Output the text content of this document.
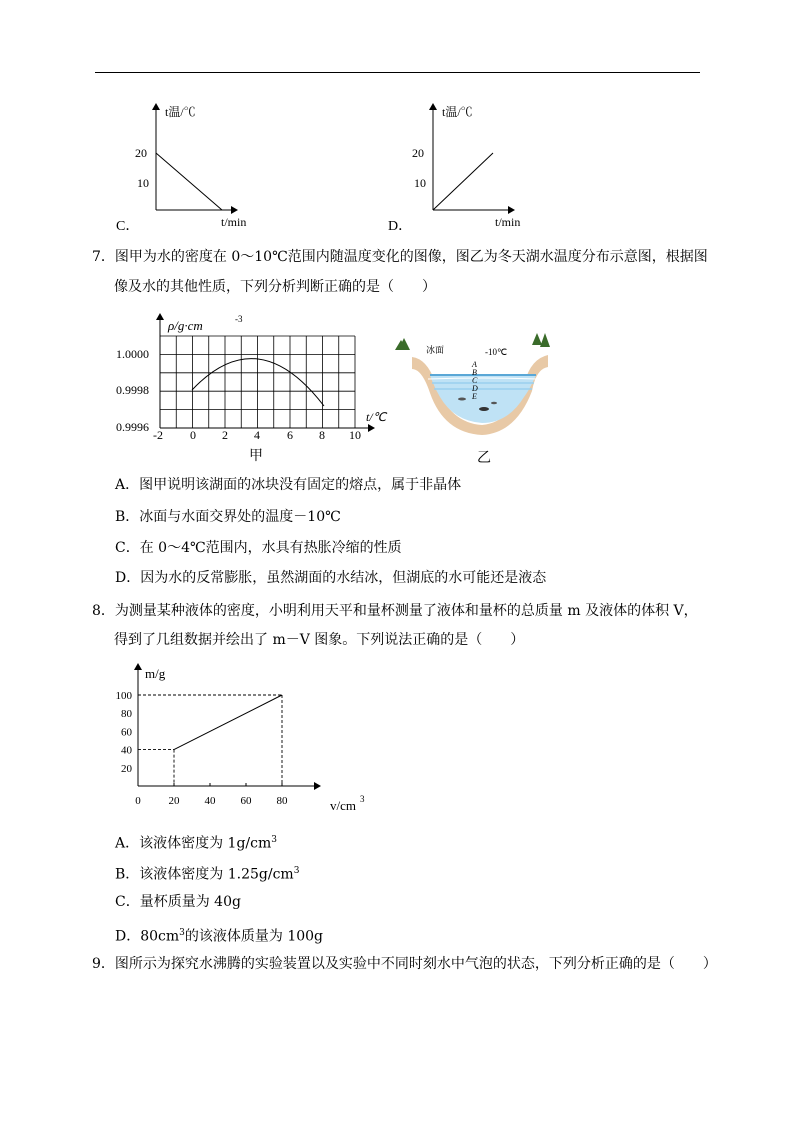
C．
t温/℃
20
10
t/min	D．
t温/℃
20
10
t/min
7．图甲为水的密度在 0～10℃范围内随温度变化的图像，图乙为冬天湖水温度分布示意图，根据图
像及水的其他性质，下列分析判断正确的是（　　）
ρ/g·cm	-3
1.0000
0.9998
0.9996
-2 0 2 4 6 8 10
t/℃
甲
冰面	-10℃
A
B
C
D
E
乙
A．图甲说明该湖面的冰块没有固定的熔点，属于非晶体
B．冰面与水面交界处的温度－10℃
C．在 0～4℃范围内，水具有热胀冷缩的性质
D．因为水的反常膨胀，虽然湖面的水结冰，但湖底的水可能还是液态
8．为测量某种液体的密度，小明利用天平和量杯测量了液体和量杯的总质量 m 及液体的体积 V，
得到了几组数据并绘出了 m－V 图象。下列说法正确的是（　　）
m/g
100
80
60
40
20
0	20 40 60 80	v/cm 3
A．该液体密度为 $1g/cm^3$
B．该液体密度为 $1.25g/cm^3$
C．量杯质量为 40g
D．$80cm^3$的该液体质量为 100g
9．图所示为探究水沸腾的实验装置以及实验中不同时刻水中气泡的状态，下列分析正确的是（　　）
